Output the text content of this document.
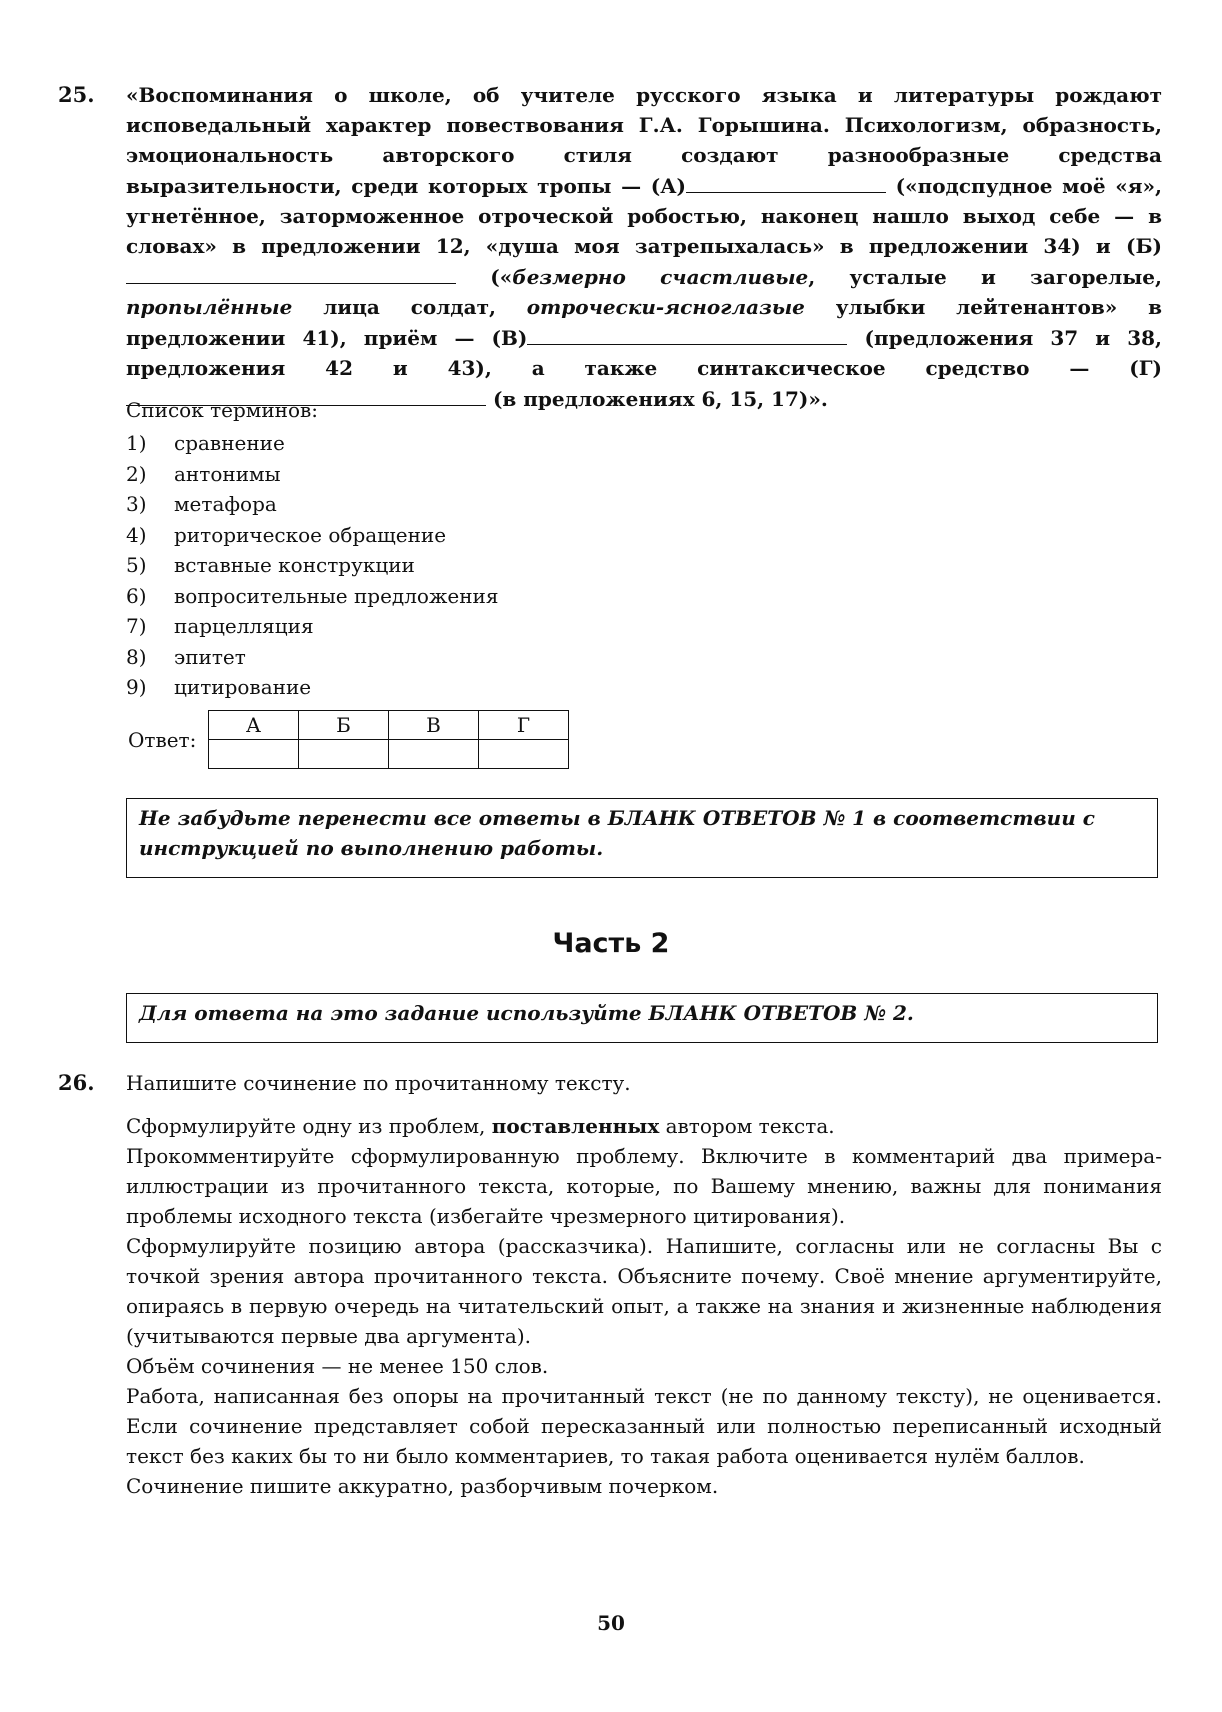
25. «Воспоминания о школе, об учителе русского языка и литературы рождают исповедальный характер повествования Г.А. Горышина. Психологизм, образность, эмоциональность авторского стиля создают разнообразные средства выразительности, среди которых тропы — (А)	(«подспудное моё «я», угнетённое, заторможенное отроческой робостью, наконец нашло выход себе — в словах» в предложении 12, «душа моя затрепыхалась» в предложении 34) и (Б) («безмерно счастливые, усталые и загорелые, пропылённые лица солдат, отрочески-ясноглазые улыбки лейтенантов» в предложении 41), приём — (В)	(предложения 37 и 38, предложения 42 и 43), а также синтаксическое средство — (Г) (в предложениях 6, 15, 17)».
Список терминов:
1) сравнение
2) антонимы
3) метафора
4) риторическое обращение
5) вставные конструкции
6) вопросительные предложения
7) парцелляция
8) эпитет
9) цитирование
Ответ:
А	Б	В	Г

Не забудьте перенести все ответы в БЛАНК ОТВЕТОВ № 1 в соответствии с инструкцией по выполнению работы.
Часть 2
Для ответа на это задание используйте БЛАНК ОТВЕТОВ № 2.
26. Напишите сочинение по прочитанному тексту.
Сформулируйте одну из проблем, поставленных автором текста.
Прокомментируйте сформулированную проблему. Включите в комментарий два примера-иллюстрации из прочитанного текста, которые, по Вашему мнению, важны для понимания проблемы исходного текста (избегайте чрезмерного цитирования).
Сформулируйте позицию автора (рассказчика). Напишите, согласны или не согласны Вы с точкой зрения автора прочитанного текста. Объясните почему. Своё мнение аргументируйте, опираясь в первую очередь на читательский опыт, а также на знания и жизненные наблюдения (учитываются первые два аргумента).
Объём сочинения — не менее 150 слов.
Работа, написанная без опоры на прочитанный текст (не по данному тексту), не оценивается. Если сочинение представляет собой пересказанный или полностью переписанный исходный текст без каких бы то ни было комментариев, то такая работа оценивается нулём баллов.
Сочинение пишите аккуратно, разборчивым почерком.
50
